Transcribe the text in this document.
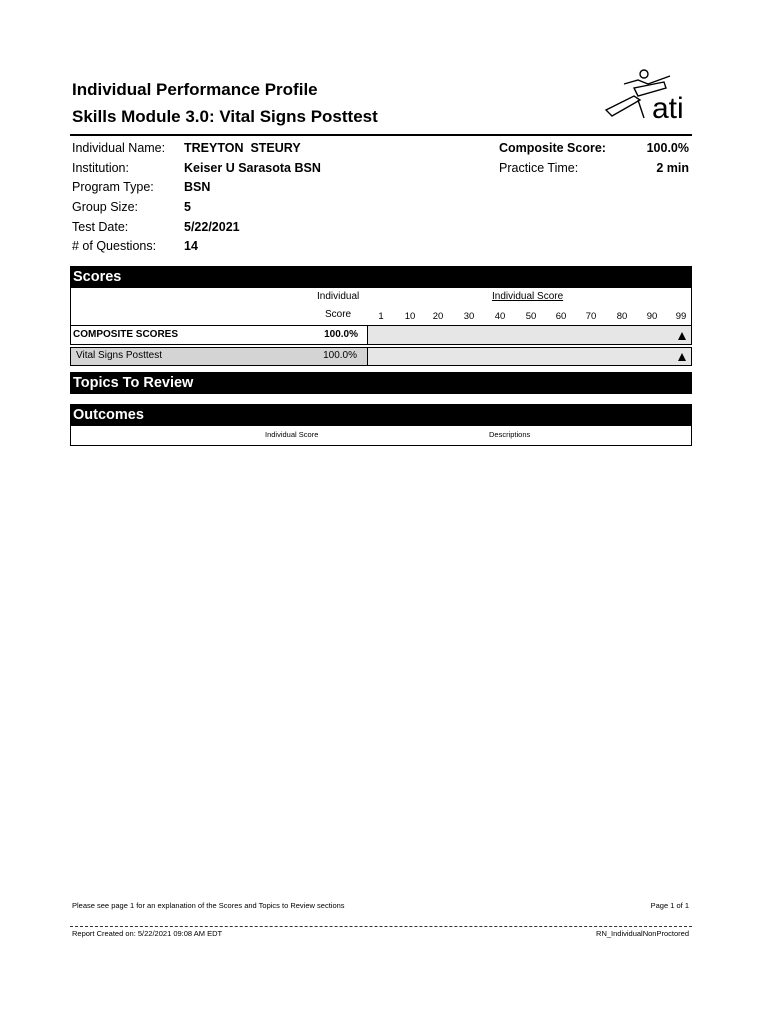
Individual Performance Profile
Skills Module 3.0: Vital Signs Posttest	ati
Individual Name: TREYTON  STEURY
Institution:	Keiser U Sarasota BSN
Program Type: BSN
Group Size:	5
Test Date:	5/22/2021
# of Questions: 14
Composite Score:	100.0%
Practice Time:	2 min
Scores
Individual
Score
Individual Score
1	10	20	30	40	50	60	70	80	90	99
COMPOSITE SCORES	100.0%
Vital Signs Posttest	100.0%
Topics To Review
Outcomes
Individual Score	Descriptions
Please see page 1 for an explanation of the Scores and Topics to Review sections	Page 1 of 1
Report Created on: 5/22/2021 09:08 AM EDT	RN_IndividualNonProctored
